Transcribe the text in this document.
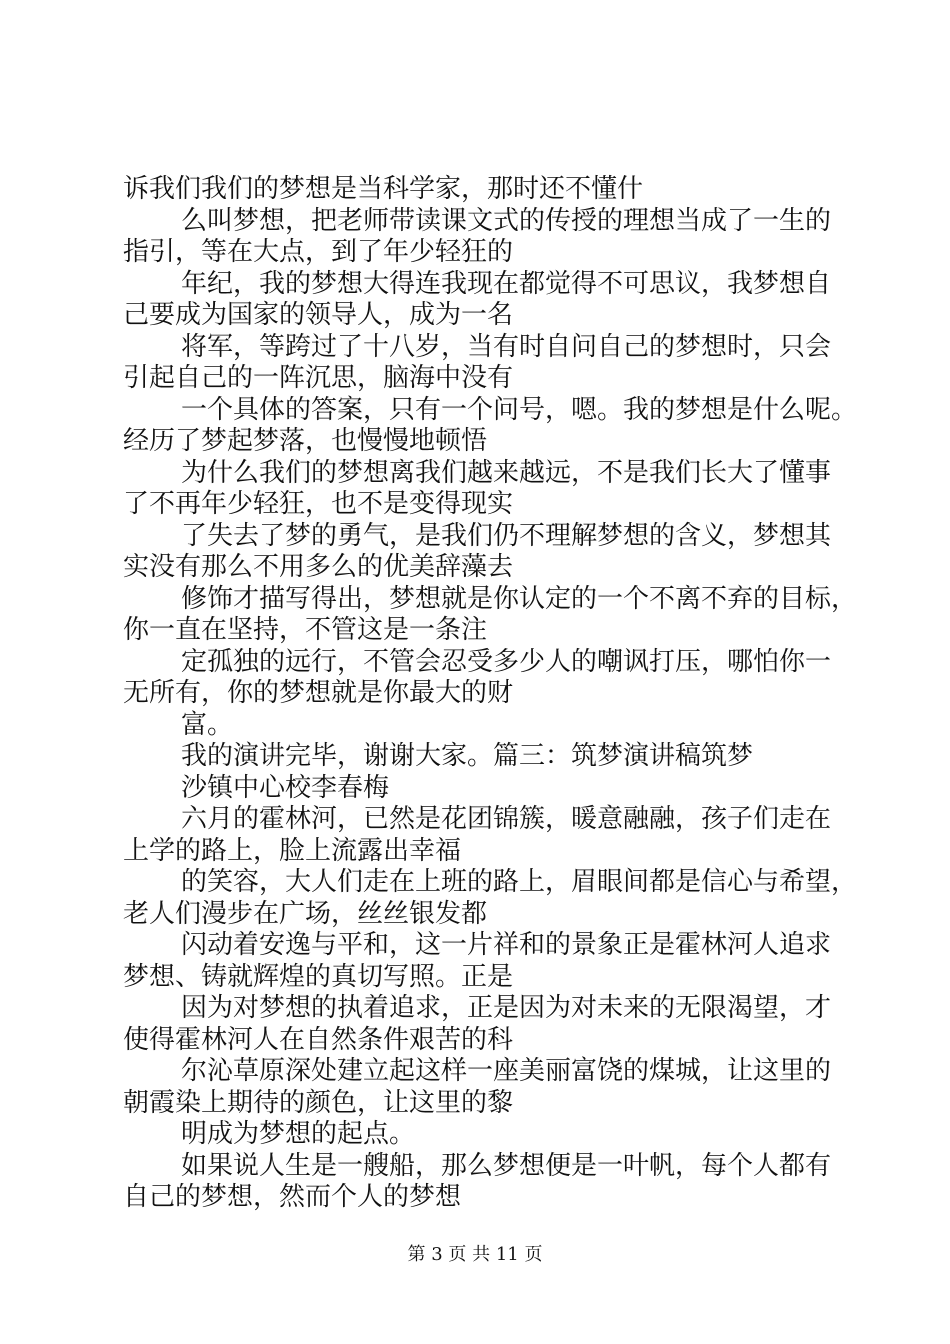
诉我们我们的梦想是当科学家，那时还不懂什
么叫梦想，把老师带读课文式的传授的理想当成了一生的
指引，等在大点，到了年少轻狂的
年纪，我的梦想大得连我现在都觉得不可思议，我梦想自
己要成为国家的领导人，成为一名
将军，等跨过了十八岁，当有时自问自己的梦想时，只会
引起自己的一阵沉思，脑海中没有
一个具体的答案，只有一个问号，嗯。我的梦想是什么呢。
经历了梦起梦落，也慢慢地顿悟
为什么我们的梦想离我们越来越远，不是我们长大了懂事
了不再年少轻狂，也不是变得现实
了失去了梦的勇气，是我们仍不理解梦想的含义，梦想其
实没有那么不用多么的优美辞藻去
修饰才描写得出，梦想就是你认定的一个不离不弃的目标，
你一直在坚持，不管这是一条注
定孤独的远行，不管会忍受多少人的嘲讽打压，哪怕你一
无所有，你的梦想就是你最大的财
富。
我的演讲完毕，谢谢大家。篇三：筑梦演讲稿筑梦
沙镇中心校李春梅
六月的霍林河，已然是花团锦簇，暖意融融，孩子们走在
上学的路上，脸上流露出幸福
的笑容，大人们走在上班的路上，眉眼间都是信心与希望，
老人们漫步在广场，丝丝银发都
闪动着安逸与平和，这一片祥和的景象正是霍林河人追求
梦想、铸就辉煌的真切写照。正是
因为对梦想的执着追求，正是因为对未来的无限渴望，才
使得霍林河人在自然条件艰苦的科
尔沁草原深处建立起这样一座美丽富饶的煤城，让这里的
朝霞染上期待的颜色，让这里的黎
明成为梦想的起点。
如果说人生是一艘船，那么梦想便是一叶帆，每个人都有
自己的梦想，然而个人的梦想
第 3 页 共 11 页
